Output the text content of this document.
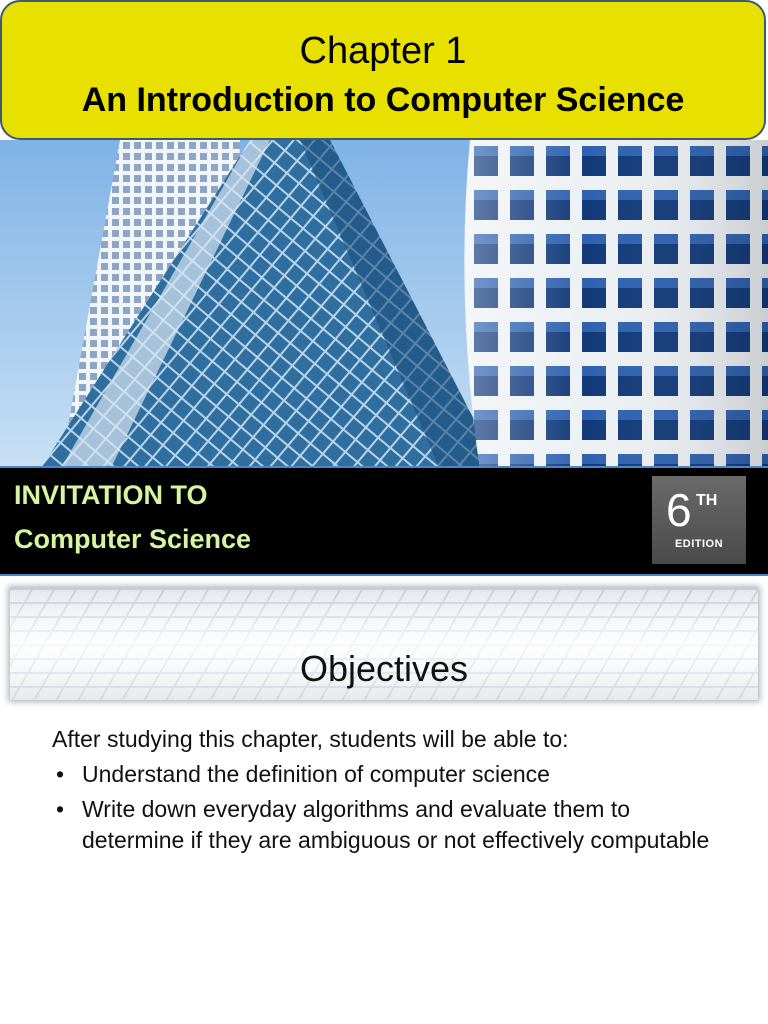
Chapter 1
An Introduction to Computer Science
INVITATION TO
Computer Science
6 TH
EDITION
Objectives

After studying this chapter, students will be able to:

• Understand the definition of computer science
• Write down everyday algorithms and evaluate them to determine if they are ambiguous or not effectively computable
